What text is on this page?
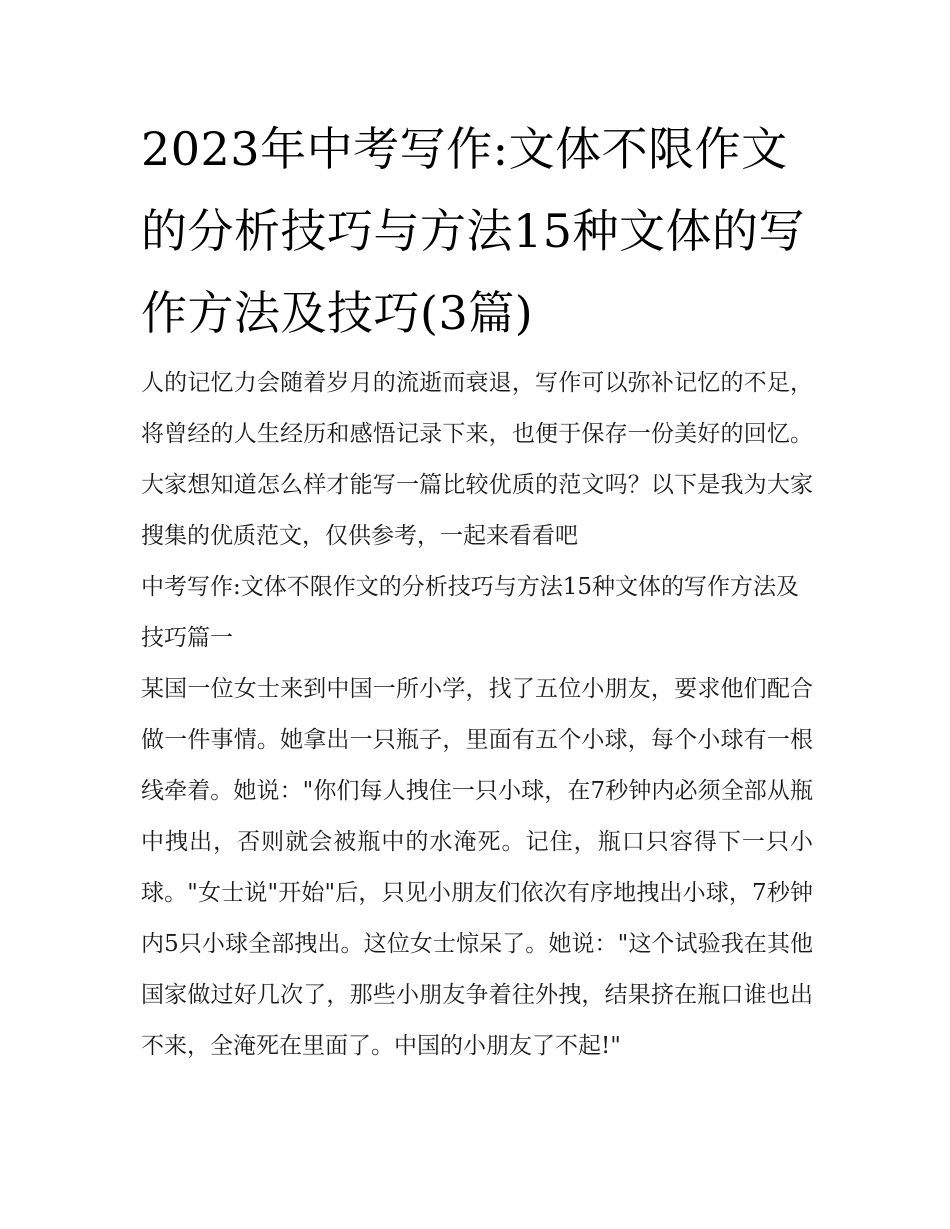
2023年中考写作:文体不限作文的分析技巧与方法15种文体的写作方法及技巧(3篇)

人的记忆力会随着岁月的流逝而衰退，写作可以弥补记忆的不足，将曾经的人生经历和感悟记录下来，也便于保存一份美好的回忆。大家想知道怎么样才能写一篇比较优质的范文吗？以下是我为大家搜集的优质范文，仅供参考，一起来看看吧

中考写作:文体不限作文的分析技巧与方法15种文体的写作方法及技巧篇一

某国一位女士来到中国一所小学，找了五位小朋友，要求他们配合做一件事情。她拿出一只瓶子，里面有五个小球，每个小球有一根线牵着。她说："你们每人拽住一只小球，在7秒钟内必须全部从瓶中拽出，否则就会被瓶中的水淹死。记住，瓶口只容得下一只小球。"女士说"开始"后，只见小朋友们依次有序地拽出小球，7秒钟内5只小球全部拽出。这位女士惊呆了。她说："这个试验我在其他国家做过好几次了，那些小朋友争着往外拽，结果挤在瓶口谁也出不来，全淹死在里面了。中国的小朋友了不起!"
